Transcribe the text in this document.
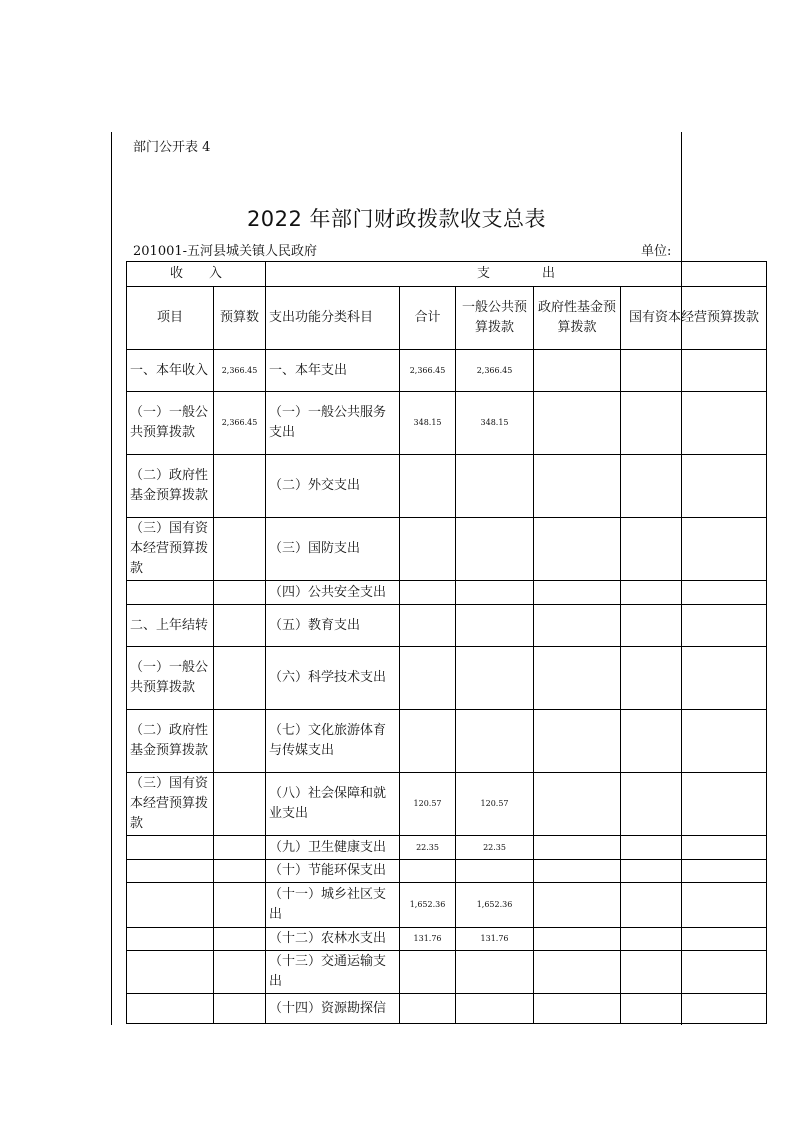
部门公开表 4
2022 年部门财政拨款收支总表
201001-五河县城关镇人民政府	单位:
收　　入		支　　　　出				
项目	预算数	支出功能分类科目	合计	一般公共预算拨款	政府性基金预算拨款	国有资本经营预算拨款
一、本年收入	2,366.45	一、本年支出	2,366.45	2,366.45		
（一）一般公共预算拨款	2,366.45	（一）一般公共服务支出	348.15	348.15		
（二）政府性基金预算拨款		（二）外交支出				
（三）国有资本经营预算拨款		（三）国防支出				
		（四）公共安全支出				
二、上年结转		（五）教育支出				
（一）一般公共预算拨款		（六）科学技术支出				
（二）政府性基金预算拨款		（七）文化旅游体育与传媒支出				
（三）国有资本经营预算拨款		（八）社会保障和就业支出	120.57	120.57		
		（九）卫生健康支出	22.35	22.35		
		（十）节能环保支出				
		（十一）城乡社区支出	1,652.36	1,652.36		
		（十二）农林水支出	131.76	131.76		
		（十三）交通运输支出				
		（十四）资源勘探信				
